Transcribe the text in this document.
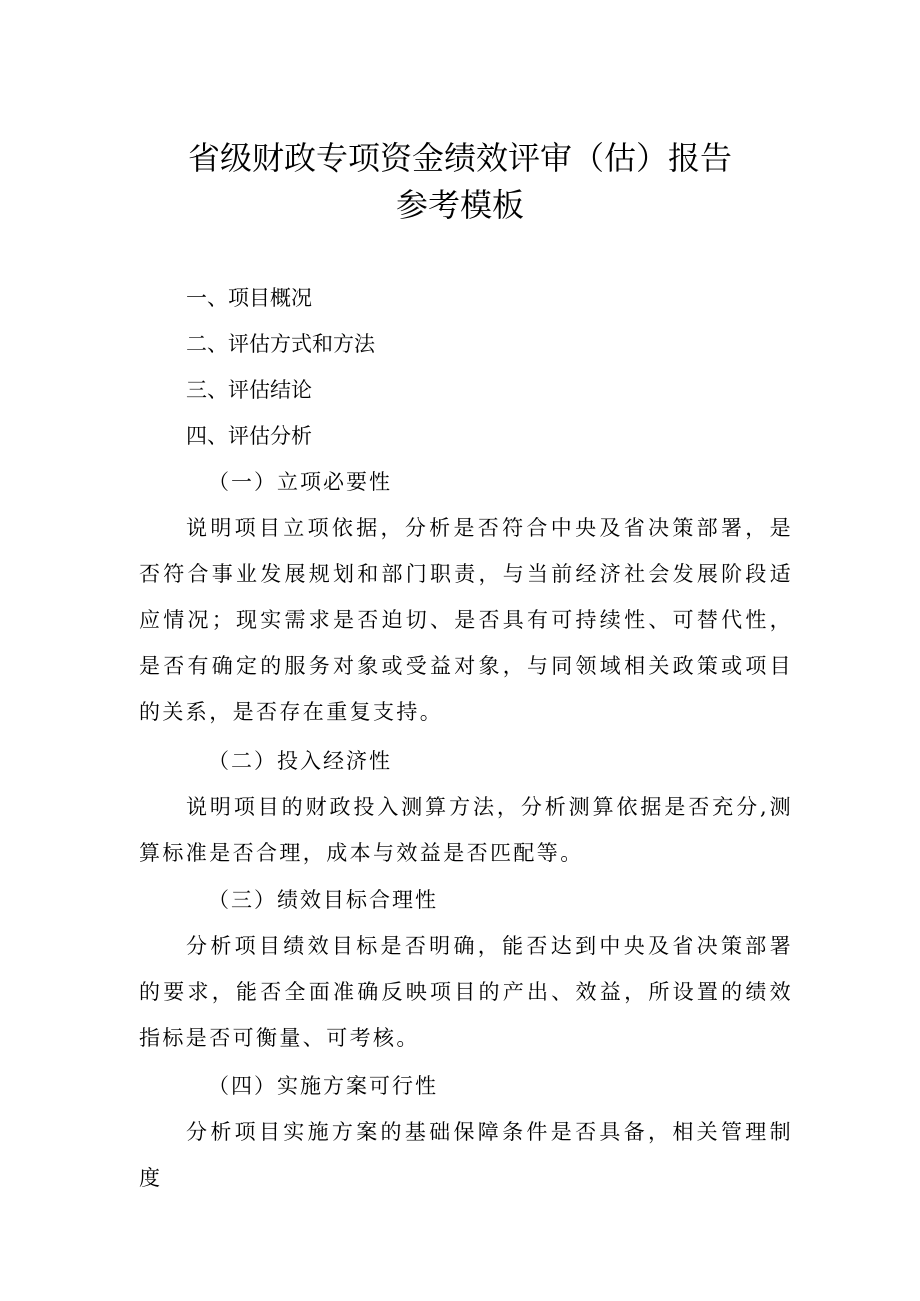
省级财政专项资金绩效评审（估）报告
参考模板

一、项目概况

二、评估方式和方法

三、评估结论

四、评估分析

（一）立项必要性

说明项目立项依据，分析是否符合中央及省决策部署，是否符合事业发展规划和部门职责，与当前经济社会发展阶段适应情况；现实需求是否迫切、是否具有可持续性、可替代性，是否有确定的服务对象或受益对象，与同领域相关政策或项目的关系，是否存在重复支持。

（二）投入经济性

说明项目的财政投入测算方法，分析测算依据是否充分,测算标准是否合理，成本与效益是否匹配等。

（三）绩效目标合理性

分析项目绩效目标是否明确，能否达到中央及省决策部署的要求，能否全面准确反映项目的产出、效益，所设置的绩效指标是否可衡量、可考核。

（四）实施方案可行性

分析项目实施方案的基础保障条件是否具备，相关管理制度
